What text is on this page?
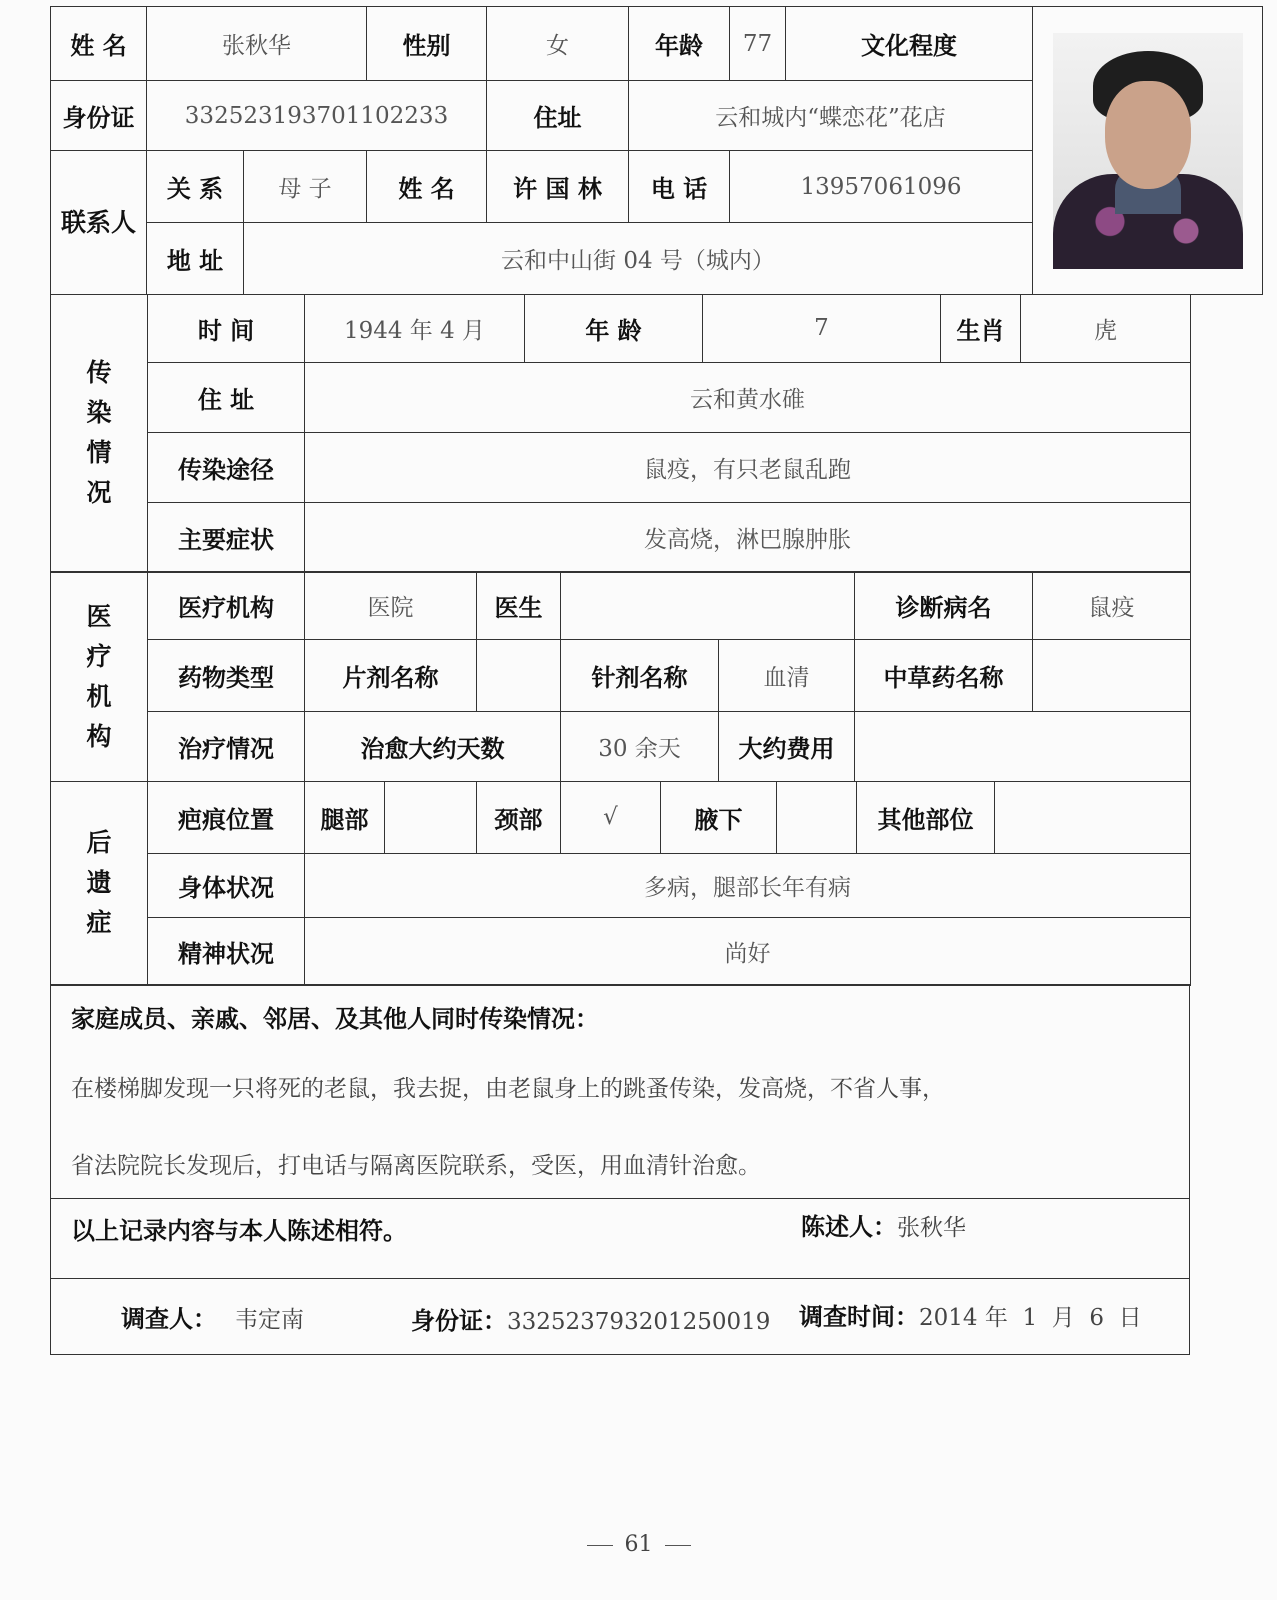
姓 名	张秋华		性别	女	年龄	77	文化程度	

身份证	332523193701102233			住址	云和城内“蝶恋花”花店			
联系人	关 系	母 子	姓 名	许 国 林	电 话	13957061096		
	地 址	云和中山街 04 号（城内）						
传染情况	时 间	1944 年 4 月	年 龄	7	生肖	虎
	住 址	云和黄水碓				
	传染途径	鼠疫，有只老鼠乱跑				
	主要症状	发高烧，淋巴腺肿胀				
医疗机构	医疗机构	医院	医生			诊断病名	鼠疫
	药物类型	片剂名称		针剂名称	血清	中草药名称	
	治疗情况	治愈大约天数		30 余天	大约费用		
后遗症	疤痕位置	腿部		颈部	√	腋下		其他部位	
	身体状况	多病，腿部长年有病							
	精神状况	尚好							
家庭成员、亲戚、邻居、及其他人同时传染情况：
在楼梯脚发现一只将死的老鼠，我去捉，由老鼠身上的跳蚤传染，发高烧，不省人事，
省法院院长发现后，打电话与隔离医院联系，受医，用血清针治愈。

以上记录内容与本人陈述相符。	陈述人：张秋华

调查人： 韦定南	身份证：332523793201250019 调查时间：2014 年  1  月  6  日
61
